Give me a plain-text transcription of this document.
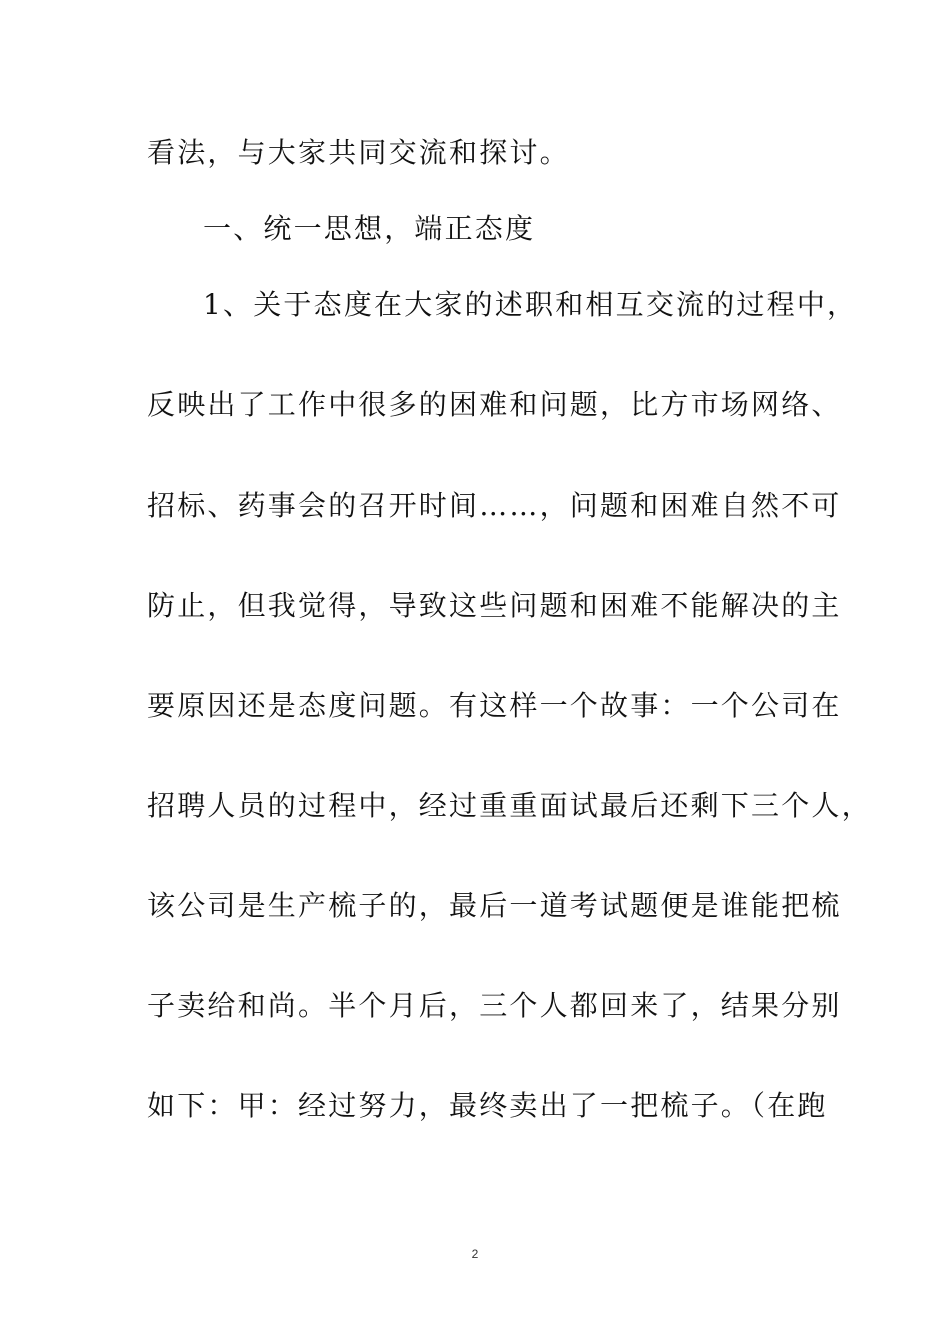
看法，与大家共同交流和探讨。

一、统一思想，端正态度

1、关于态度在大家的述职和相互交流的过程中，

反映出了工作中很多的困难和问题，比方市场网络、

招标、药事会的召开时间……，问题和困难自然不可

防止，但我觉得，导致这些问题和困难不能解决的主

要原因还是态度问题。有这样一个故事：一个公司在

招聘人员的过程中，经过重重面试最后还剩下三个人，

该公司是生产梳子的，最后一道考试题便是谁能把梳

子卖给和尚。半个月后，三个人都回来了，结果分别

如下：甲：经过努力，最终卖出了一把梳子。（在跑

2
